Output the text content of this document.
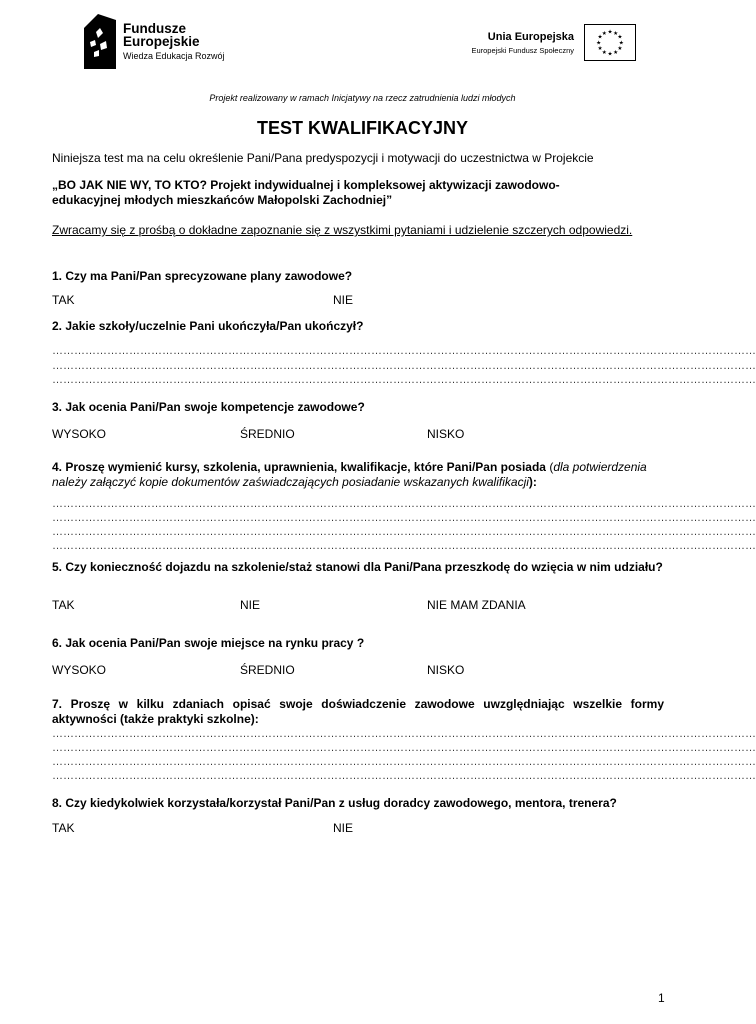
Fundusze
Europejskie
Wiedza Edukacja Rozwój
Unia Europejska
Europejski Fundusz Społeczny
★ ★
★
★
★
★
★
★
★
★
★
★
Projekt realizowany w ramach Inicjatywy na rzecz zatrudnienia ludzi młodych
TEST KWALIFIKACYJNY
Niniejsza test ma na celu określenie Pani/Pana predyspozycji i motywacji do uczestnictwa w Projekcie
„BO JAK NIE WY, TO KTO? Projekt indywidualnej i kompleksowej aktywizacji zawodowo-edukacyjnej młodych mieszkańców Małopolski Zachodniej”
Zwracamy się z prośbą o dokładne zapoznanie się z wszystkimi pytaniami i udzielenie szczerych odpowiedzi.
1. Czy ma Pani/Pan sprecyzowane plany zawodowe?
TAK	NIE
2. Jakie szkoły/uczelnie Pani ukończyła/Pan ukończył?
…………………………………………………………………………………………………………………………………………………………………………
…………………………………………………………………………………………………………………………………………………………………………
…………………………………………………………………………………………………………………………………………………………………………
3. Jak ocenia Pani/Pan swoje kompetencje zawodowe?
WYSOKO	ŚREDNIO	NISKO
4. Proszę wymienić kursy, szkolenia, uprawnienia, kwalifikacje, które Pani/Pan posiada (dla potwierdzenia należy załączyć kopie dokumentów zaświadczających posiadanie wskazanych kwalifikacji):
…………………………………………………………………………………………………………………………………………………………………………
…………………………………………………………………………………………………………………………………………………………………………
…………………………………………………………………………………………………………………………………………………………………………
…………………………………………………………………………………………………………………………………………………………………………
5. Czy konieczność dojazdu na szkolenie/staż stanowi dla Pani/Pana przeszkodę do wzięcia w nim udziału?
TAK	NIE	NIE MAM ZDANIA
6. Jak ocenia Pani/Pan swoje miejsce na rynku pracy ?
WYSOKO	ŚREDNIO	NISKO
7. Proszę w kilku zdaniach opisać swoje doświadczenie zawodowe uwzględniając wszelkie formy aktywności (także praktyki szkolne):
…………………………………………………………………………………………………………………………………………………………………………
…………………………………………………………………………………………………………………………………………………………………………
…………………………………………………………………………………………………………………………………………………………………………
…………………………………………………………………………………………………………………………………………………………………………
8. Czy kiedykolwiek korzystała/korzystał Pani/Pan z usług doradcy zawodowego, mentora, trenera?
TAK	NIE
1
